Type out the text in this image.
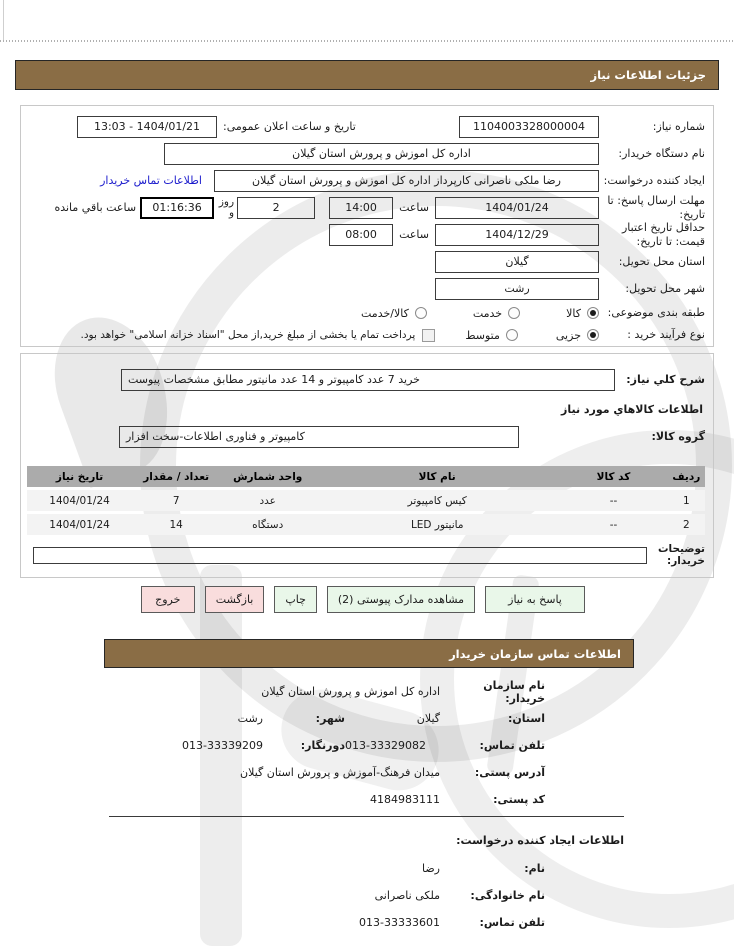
جزئیات اطلاعات نیاز
شماره نیاز:
1104003328000004
تاریخ و ساعت اعلان عمومی:
13:03 - 1404/01/21
نام دستگاه خریدار:
اداره کل اموزش و پرورش استان گیلان
ایجاد کننده درخواست:
رضا ملکی ناصرانی کارپرداز اداره کل اموزش و پرورش استان گیلان
اطلاعات تماس خریدار
مهلت ارسال پاسخ: تا تاریخ:
1404/01/24
ساعت
14:00
2
روز و
01:16:36
ساعت باقي مانده
حداقل تاریخ اعتبار قیمت: تا تاریخ:
1404/12/29
ساعت
08:00
استان محل تحویل:
گیلان
شهر محل تحویل:
رشت
طبقه بندی موضوعی:
کالا
خدمت
کالا/خدمت
نوع فرآیند خرید :
جزیی
متوسط
پرداخت تمام یا بخشی از مبلغ خرید,از محل "اسناد خزانه اسلامی" خواهد بود.
شرح کلي نیاز:
خرید 7 عدد کامپیوتر و 14 عدد مانیتور مطابق مشخصات پیوست
اطلاعات کالاهاي مورد نیاز
گروه کالا:
کامپیوتر و فناوری اطلاعات-سخت افزار
ردیف	کد کالا	نام کالا	واحد شمارش	تعداد / مقدار	تاریخ نیاز
1	--	کیس کامپیوتر	عدد	7	1404/01/24
2	--	مانیتور LED	دستگاه	14	1404/01/24
توضیحات خریدار:
پاسخ به نیاز
مشاهده مدارک پیوستی (2)
چاپ
بازگشت
خروج
اطلاعات تماس سازمان خریدار
نام سازمان خریدار:
اداره کل اموزش و پرورش استان گیلان
استان:
گیلان
شهر:
رشت
تلفن تماس:
013-33329082
دورنگار:
013-33339209
آدرس پستی:
میدان فرهنگ-آموزش و پرورش استان گیلان
کد پستی:
4184983111
اطلاعات ایجاد کننده درخواست:
نام:
رضا
نام خانوادگی:
ملکی ناصرانی
تلفن تماس:
013-33333601
